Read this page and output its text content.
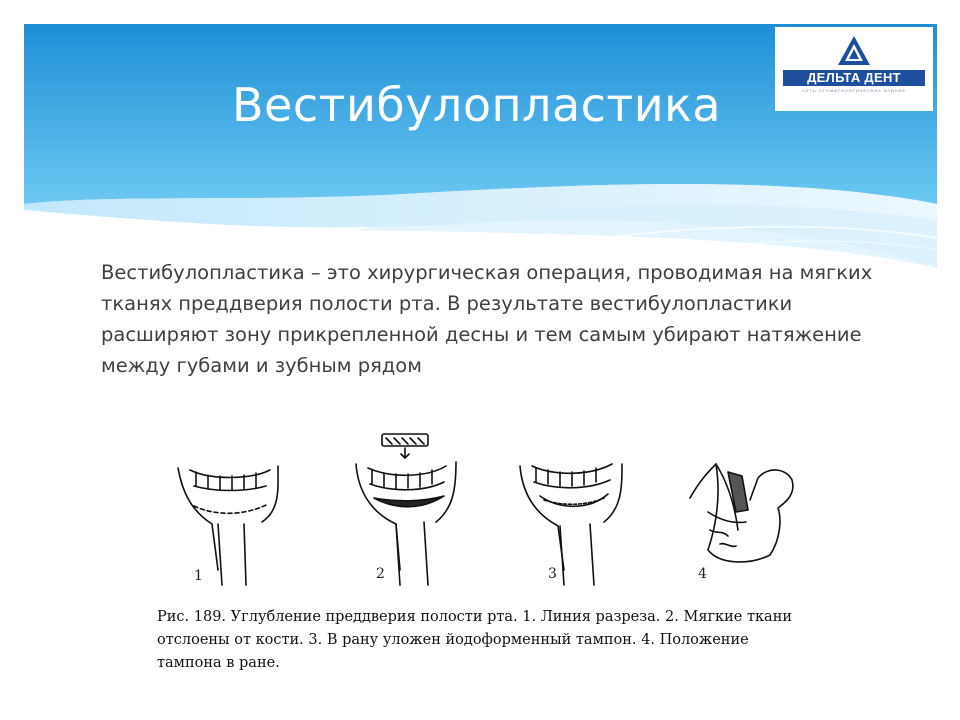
Вестибулопластика
ДЕЛЬТА ДЕНТ
СЕТЬ СТОМАТОЛОГИЧЕСКИХ КЛИНИК

Вестибулопластика – это хирургическая операция, проводимая на мягких тканях преддверия полости рта. В результате вестибулопластики расширяют зону прикрепленной десны и тем самым убирают натяжение между губами и зубным рядом

1	2	3	4

Рис. 189. Углубление преддверия полости рта. 1. Линия разреза. 2. Мягкие ткани отслоены от кости. 3. В рану уложен йодоформенный тампон. 4. Положение тампона в ране.
